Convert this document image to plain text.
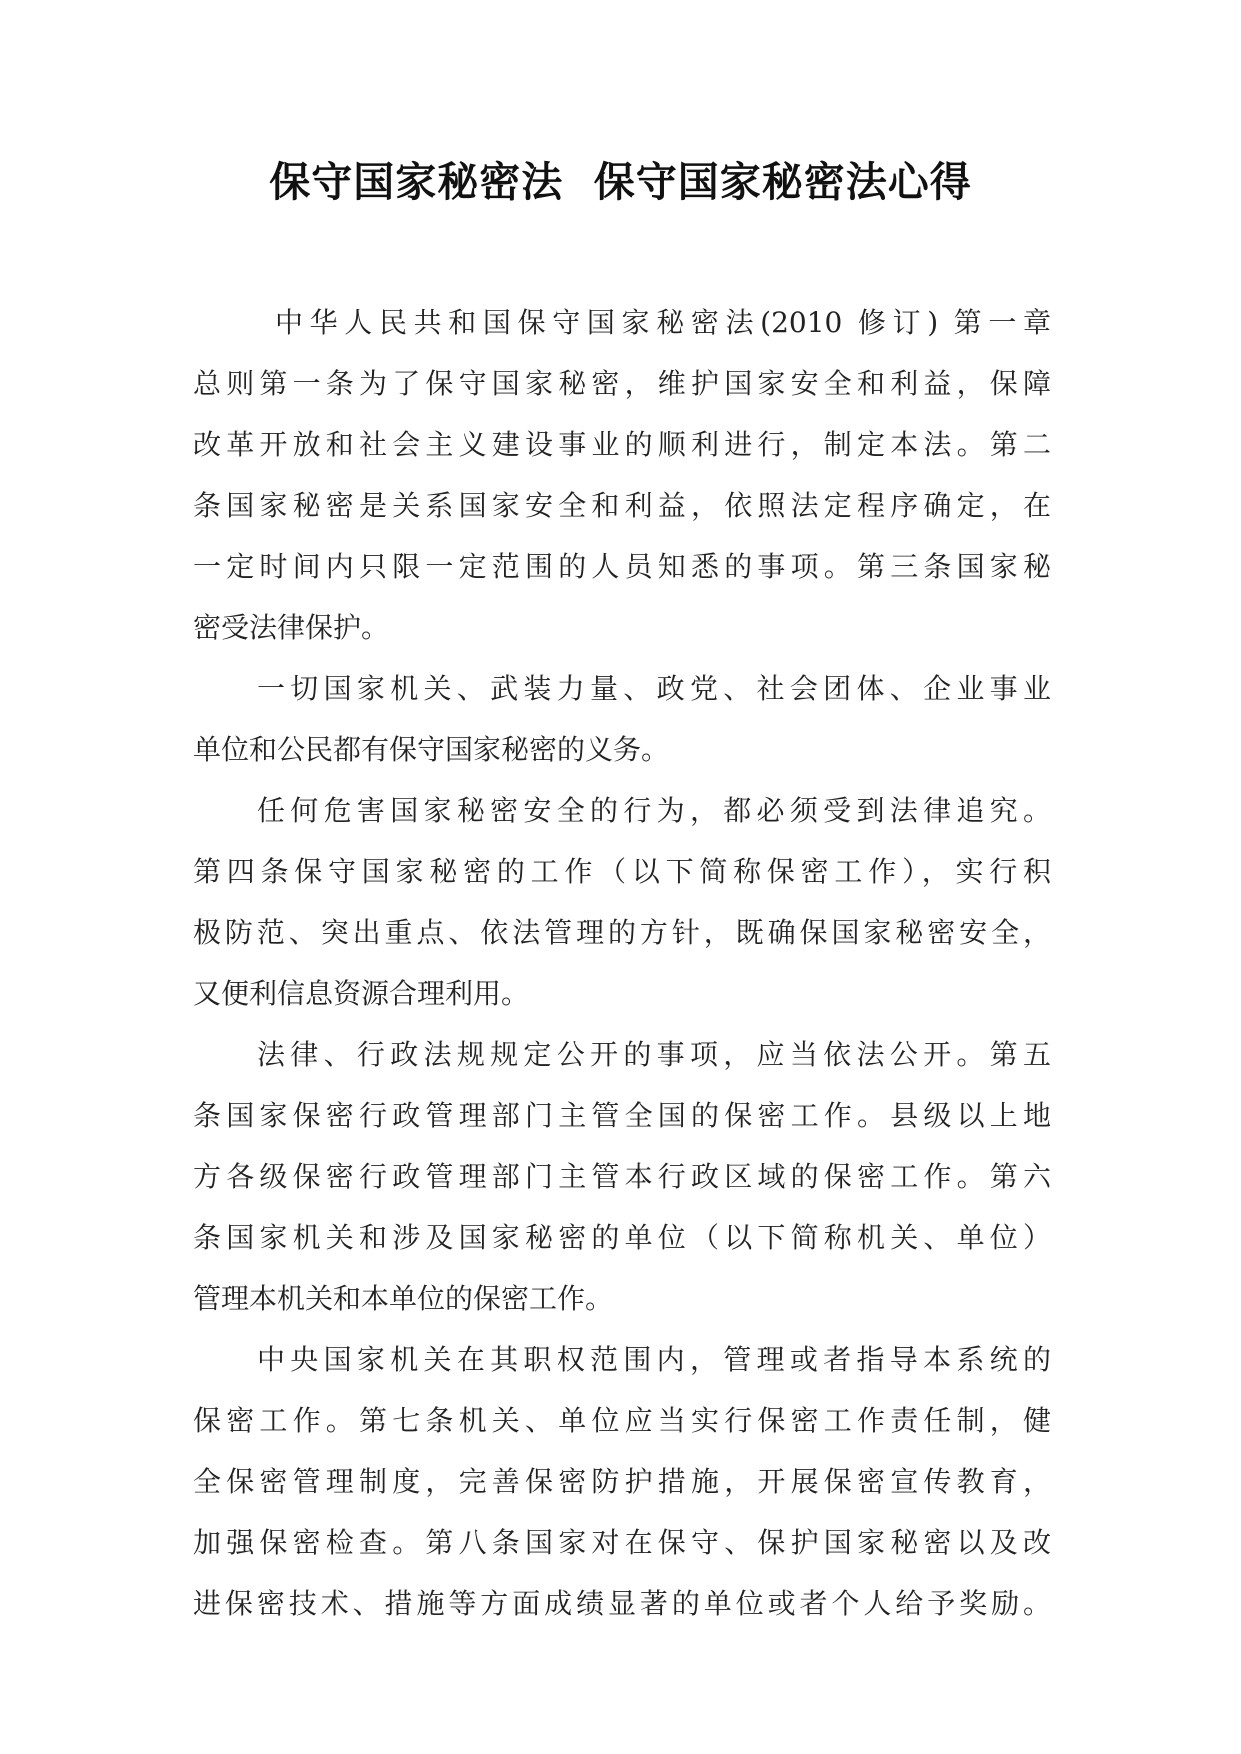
保守国家秘密法  保守国家秘密法心得
中华人民共和国保守国家秘密法(2010 修订) 第一章
总则第一条为了保守国家秘密，维护国家安全和利益，保障
改革开放和社会主义建设事业的顺利进行，制定本法。第二
条国家秘密是关系国家安全和利益，依照法定程序确定，在
一定时间内只限一定范围的人员知悉的事项。第三条国家秘
密受法律保护。
一切国家机关、武装力量、政党、社会团体、企业事业
单位和公民都有保守国家秘密的义务。
任何危害国家秘密安全的行为，都必须受到法律追究。
第四条保守国家秘密的工作（以下简称保密工作），实行积
极防范、突出重点、依法管理的方针，既确保国家秘密安全，
又便利信息资源合理利用。
法律、行政法规规定公开的事项，应当依法公开。第五
条国家保密行政管理部门主管全国的保密工作。县级以上地
方各级保密行政管理部门主管本行政区域的保密工作。第六
条国家机关和涉及国家秘密的单位（以下简称机关、单位）
管理本机关和本单位的保密工作。
中央国家机关在其职权范围内，管理或者指导本系统的
保密工作。第七条机关、单位应当实行保密工作责任制，健
全保密管理制度，完善保密防护措施，开展保密宣传教育，
加强保密检查。第八条国家对在保守、保护国家秘密以及改
进保密技术、措施等方面成绩显著的单位或者个人给予奖励。
